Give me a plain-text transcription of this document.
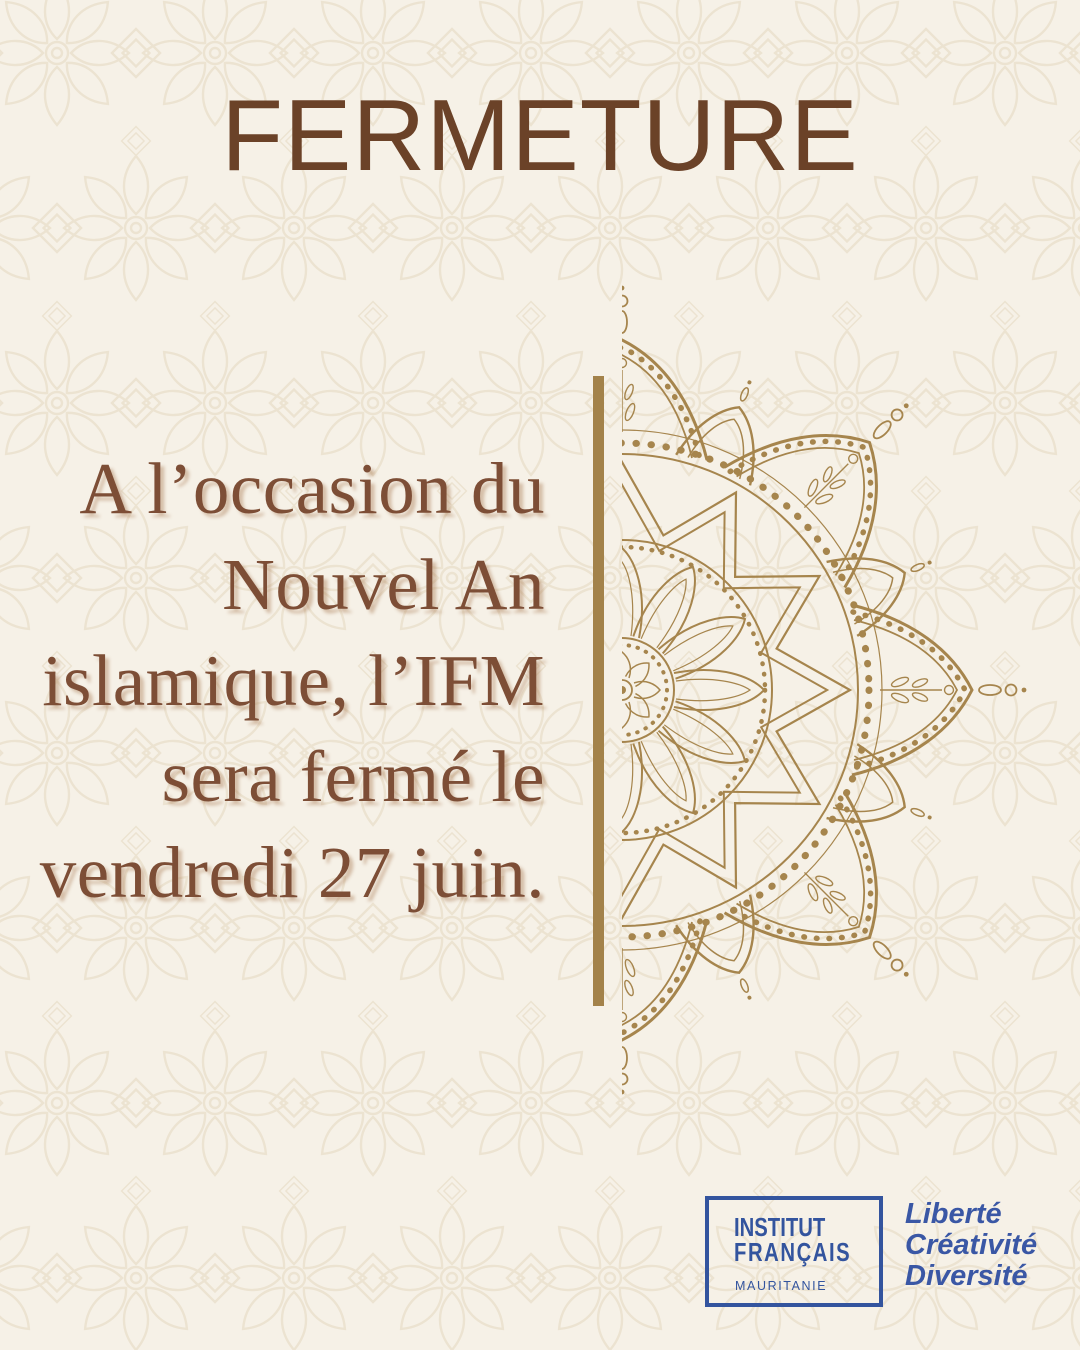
FERMETURE
A l’occasion du
Nouvel An
islamique, l’IFM
sera fermé le
vendredi 27 juin.
INSTITUT
FRANÇAIS
MAURITANIE
Liberté
Créativité
Diversité
